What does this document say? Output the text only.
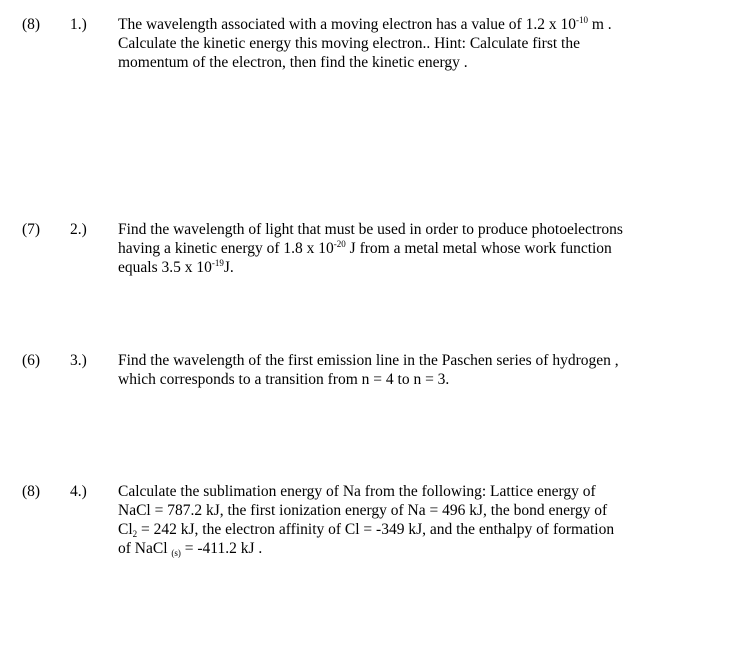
(8) 1.) The wavelength associated with a moving electron has a value of 1.2 x $10^{-10}$ m .
Calculate the kinetic energy this moving electron.. Hint: Calculate first the
momentum of the electron, then find the kinetic energy .
(7) 2.) Find the wavelength of light that must be used in order to produce photoelectrons
having a kinetic energy of 1.8 x $10^{-20}$ J from a metal metal whose work function
equals 3.5 x $10^{-19}J$.
(6) 3.) Find the wavelength of the first emission line in the Paschen series of hydrogen ,
which corresponds to a transition from n = 4 to n = 3.
(8) 4.) Calculate the sublimation energy of Na from the following: Lattice energy of
NaCl = 787.2 kJ, the first ionization energy of Na = 496 kJ, the bond energy of
$Cl_2 = 242$ kJ, the electron affinity of Cl = -349 kJ, and the enthalpy of formation
of NaCl $_{(s)}$ = -411.2 kJ .
